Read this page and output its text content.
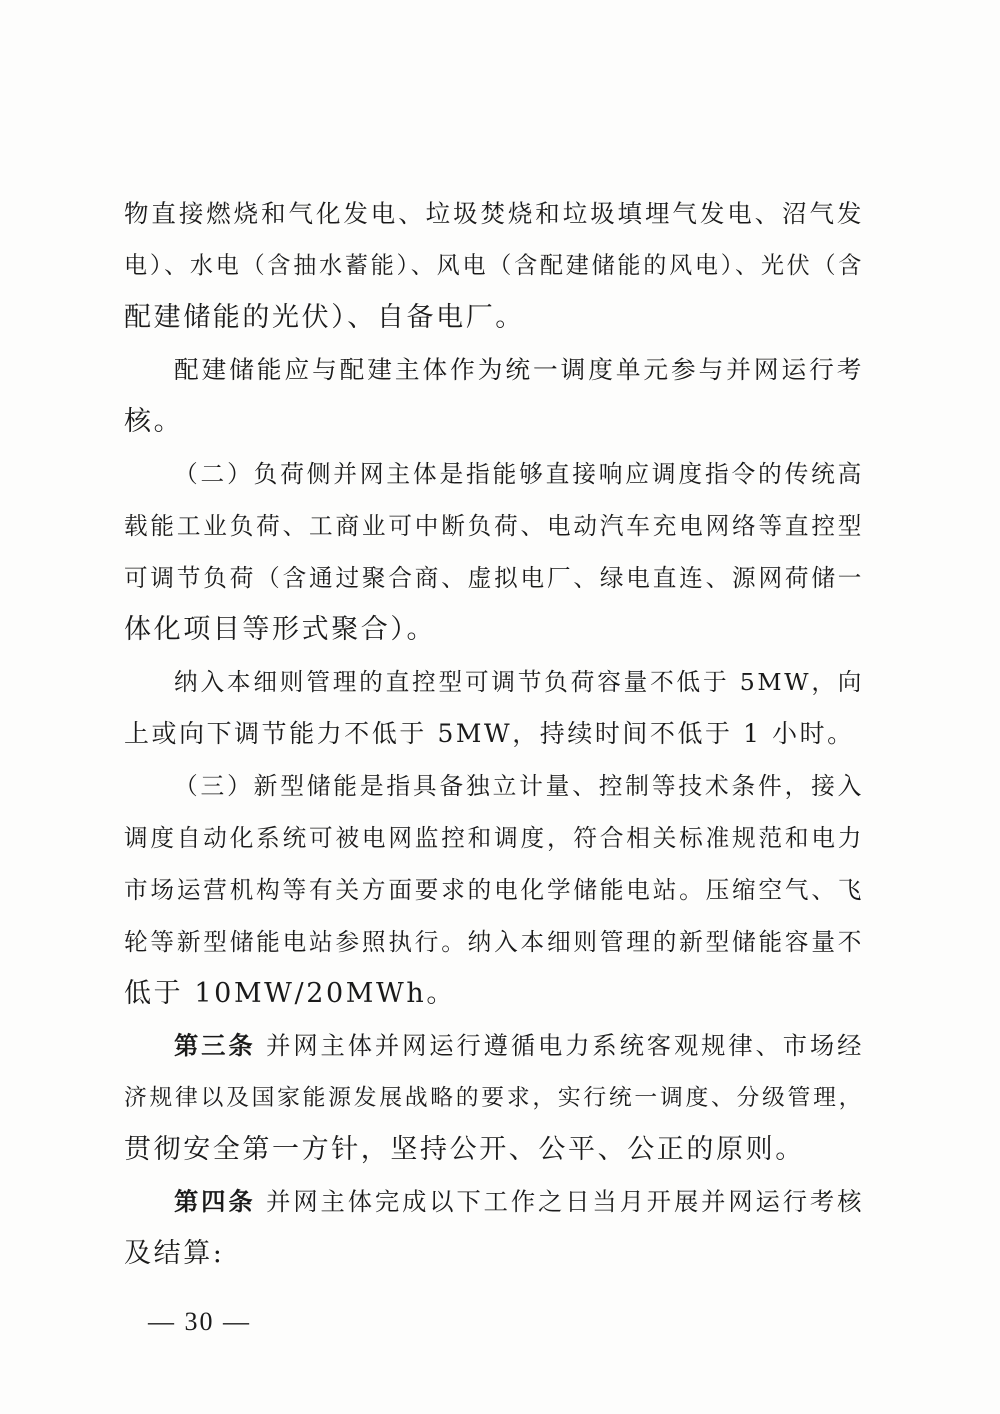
物直接燃烧和气化发电、垃圾焚烧和垃圾填埋气发电、沼气发
电）、水电（含抽水蓄能）、风电（含配建储能的风电）、光伏（含
配建储能的光伏）、自备电厂。
配建储能应与配建主体作为统一调度单元参与并网运行考
核。
（二）负荷侧并网主体是指能够直接响应调度指令的传统高
载能工业负荷、工商业可中断负荷、电动汽车充电网络等直控型
可调节负荷（含通过聚合商、虚拟电厂、绿电直连、源网荷储一
体化项目等形式聚合）。
纳入本细则管理的直控型可调节负荷容量不低于 5MW，向
上或向下调节能力不低于 5MW，持续时间不低于 1 小时。
（三）新型储能是指具备独立计量、控制等技术条件，接入
调度自动化系统可被电网监控和调度，符合相关标准规范和电力
市场运营机构等有关方面要求的电化学储能电站。压缩空气、飞
轮等新型储能电站参照执行。纳入本细则管理的新型储能容量不
低于 10MW/20MWh。
第三条 并网主体并网运行遵循电力系统客观规律、市场经
济规律以及国家能源发展战略的要求，实行统一调度、分级管理，
贯彻安全第一方针，坚持公开、公平、公正的原则。
第四条 并网主体完成以下工作之日当月开展并网运行考核
及结算:
— 30 —
